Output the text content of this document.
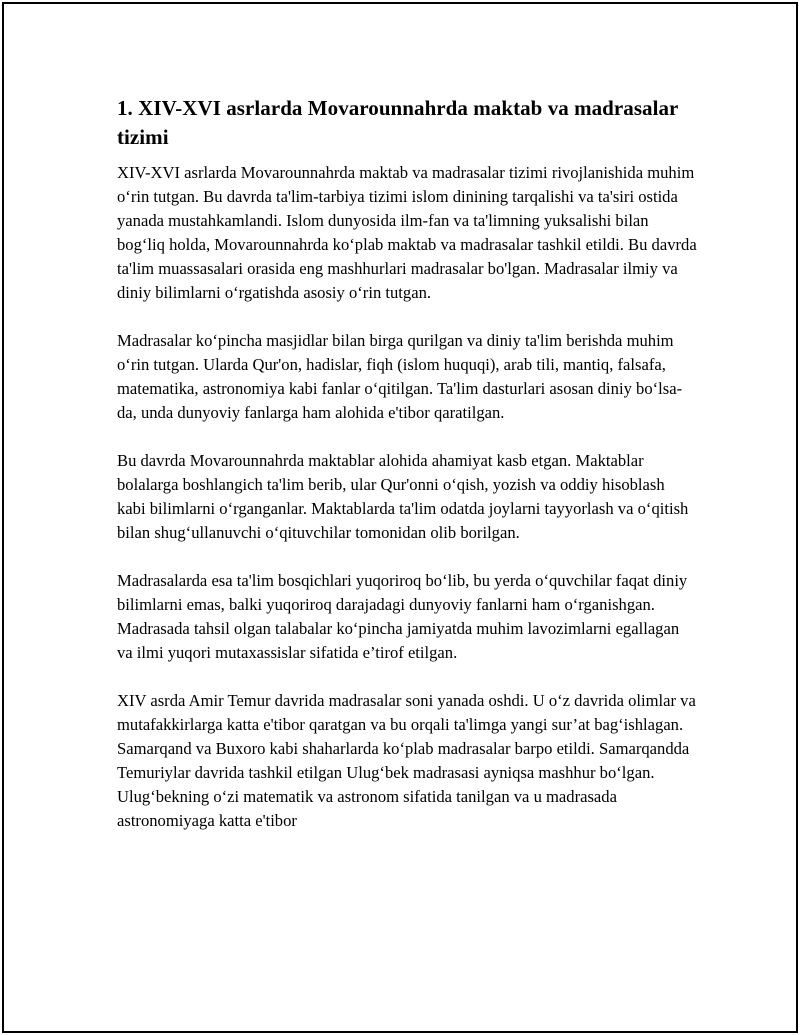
1. XIV-XVI asrlarda Movarounnahrda maktab va madrasalar tizimi

XIV-XVI asrlarda Movarounnahrda maktab va madrasalar tizimi rivojlanishida muhim o‘rin tutgan. Bu davrda ta'lim-tarbiya tizimi islom dinining tarqalishi va ta'siri ostida yanada mustahkamlandi. Islom dunyosida ilm-fan va ta'limning yuksalishi bilan bog‘liq holda, Movarounnahrda ko‘plab maktab va madrasalar tashkil etildi. Bu davrda ta'lim muassasalari orasida eng mashhurlari madrasalar bo'lgan. Madrasalar ilmiy va diniy bilimlarni o‘rgatishda asosiy o‘rin tutgan.

Madrasalar ko‘pincha masjidlar bilan birga qurilgan va diniy ta'lim berishda muhim o‘rin tutgan. Ularda Qur'on, hadislar, fiqh (islom huquqi), arab tili, mantiq, falsafa, matematika, astronomiya kabi fanlar o‘qitilgan. Ta'lim dasturlari asosan diniy bo‘lsa-da, unda dunyoviy fanlarga ham alohida e'tibor qaratilgan.

Bu davrda Movarounnahrda maktablar alohida ahamiyat kasb etgan. Maktablar bolalarga boshlangich ta'lim berib, ular Qur'onni o‘qish, yozish va oddiy hisoblash kabi bilimlarni o‘rganganlar. Maktablarda ta'lim odatda joylarni tayyorlash va o‘qitish bilan shug‘ullanuvchi o‘qituvchilar tomonidan olib borilgan.

Madrasalarda esa ta'lim bosqichlari yuqoriroq bo‘lib, bu yerda o‘quvchilar faqat diniy bilimlarni emas, balki yuqoriroq darajadagi dunyoviy fanlarni ham o‘rganishgan. Madrasada tahsil olgan talabalar ko‘pincha jamiyatda muhim lavozimlarni egallagan va ilmi yuqori mutaxassislar sifatida e’tirof etilgan.

XIV asrda Amir Temur davrida madrasalar soni yanada oshdi. U o‘z davrida olimlar va mutafakkirlarga katta e'tibor qaratgan va bu orqali ta'limga yangi sur’at bag‘ishlagan. Samarqand va Buxoro kabi shaharlarda ko‘plab madrasalar barpo etildi. Samarqandda Temuriylar davrida tashkil etilgan Ulug‘bek madrasasi ayniqsa mashhur bo‘lgan. Ulug‘bekning o‘zi matematik va astronom sifatida tanilgan va u madrasada astronomiyaga katta e'tibor
